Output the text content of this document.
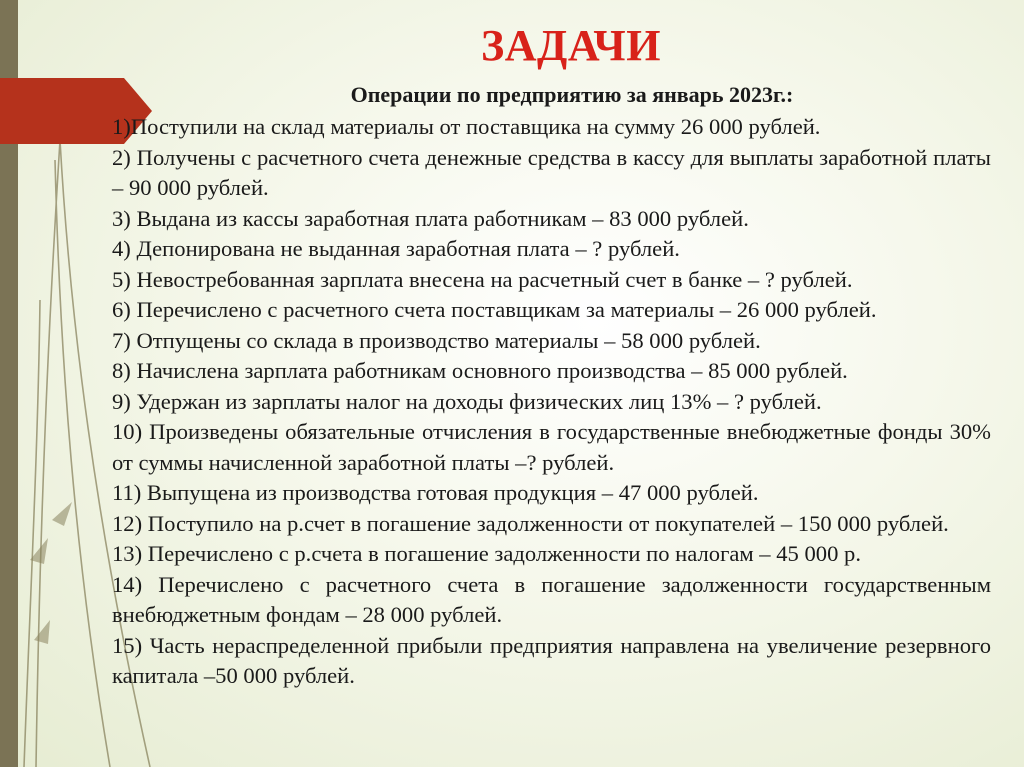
ЗАДАЧИ
Операции по предприятию за январь 2023г.:

1)Поступили на склад материалы от поставщика на сумму 26 000 рублей.

2) Получены с расчетного счета денежные средства в кассу для выплаты заработной платы – 90 000 рублей.

3) Выдана из кассы заработная плата работникам – 83 000 рублей.

4) Депонирована не выданная заработная плата – ? рублей.

5) Невостребованная зарплата внесена на расчетный счет в банке – ? рублей.

6) Перечислено с расчетного счета поставщикам за материалы – 26 000 рублей.

7) Отпущены со склада в производство материалы – 58 000 рублей.

8) Начислена зарплата работникам основного производства – 85 000 рублей.

9) Удержан из зарплаты налог на доходы физических лиц 13% – ? рублей.

10) Произведены обязательные отчисления в государственные внебюджетные фонды 30% от суммы начисленной заработной платы –? рублей.

11) Выпущена из производства готовая продукция – 47 000 рублей.

12) Поступило на р.счет в погашение задолженности от покупателей – 150 000 рублей.

13) Перечислено с р.счета в погашение задолженности по налогам – 45 000 р.

14) Перечислено с расчетного счета в погашение задолженности государственным внебюджетным фондам – 28 000 рублей.

15) Часть нераспределенной прибыли предприятия направлена на увеличение резервного капитала –50 000 рублей.
